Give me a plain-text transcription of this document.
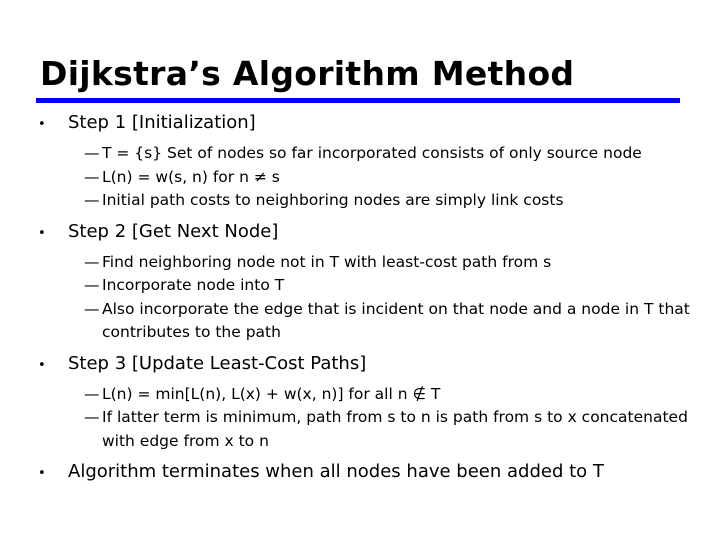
Dijkstra’s Algorithm Method
•	Step 1 [Initialization]
— T = {s} Set of nodes so far incorporated consists of only source node
— L(n) = w(s, n) for n ≠ s
— Initial path costs to neighboring nodes are simply link costs
•	Step 2 [Get Next Node]
— Find neighboring node not in T with least-cost path from s
— Incorporate node into T
— Also incorporate the edge that is incident on that node and a node in T that contributes to the path
•	Step 3 [Update Least-Cost Paths]
— L(n) = min[L(n), L(x) + w(x, n)] for all n ∉ T
— If latter term is minimum, path from s to n is path from s to x concatenated with edge from x to n
•	Algorithm terminates when all nodes have been added to T
